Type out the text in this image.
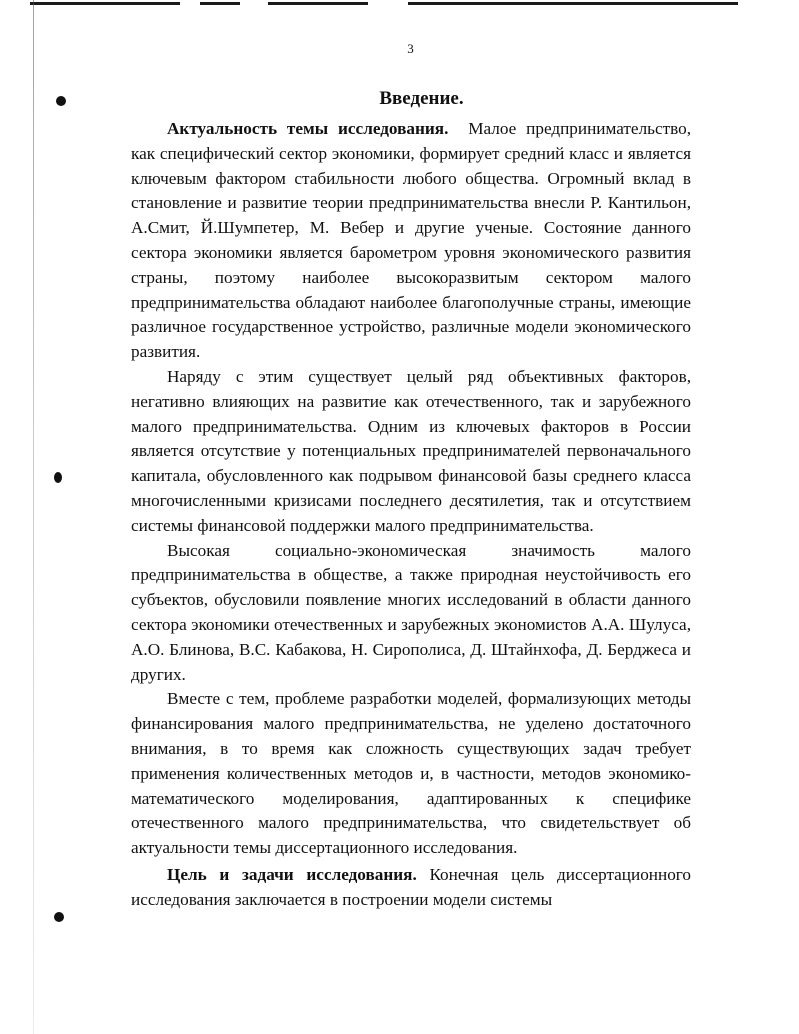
3
Введение.

Актуальность темы исследования. Малое предпринимательство, как специфический сектор экономики, формирует средний класс и является ключевым фактором стабильности любого общества. Огромный вклад в становление и развитие теории предпринимательства внесли Р. Кантильон, А.Смит, Й.Шумпетер, М. Вебер и другие ученые. Состояние данного сектора экономики является барометром уровня экономического развития страны, поэтому наиболее высокоразвитым сектором малого предпринимательства обладают наиболее благополучные страны, имеющие различное государственное устройство, различные модели экономического развития.

Наряду с этим существует целый ряд объективных факторов, негативно влияющих на развитие как отечественного, так и зарубежного малого предпринимательства. Одним из ключевых факторов в России является отсутствие у потенциальных предпринимателей первоначального капитала, обусловленного как подрывом финансовой базы среднего класса многочисленными кризисами последнего десятилетия, так и отсутствием системы финансовой поддержки малого предпринимательства.

Высокая социально-экономическая значимость малого предпринимательства в обществе, а также природная неустойчивость его субъектов, обусловили появление многих исследований в области данного сектора экономики отечественных и зарубежных экономистов А.А. Шулуса, А.О. Блинова, В.С. Кабакова, Н. Сирополиса, Д. Штайнхофа, Д. Берджеса и других.

Вместе с тем, проблеме разработки моделей, формализующих методы финансирования малого предпринимательства, не уделено достаточного внимания, в то время как сложность существующих задач требует применения количественных методов и, в частности, методов экономико-математического моделирования, адаптированных к специфике отечественного малого предпринимательства, что свидетельствует об актуальности темы диссертационного исследования.

Цель и задачи исследования. Конечная цель диссертационного исследования заключается в построении модели системы
